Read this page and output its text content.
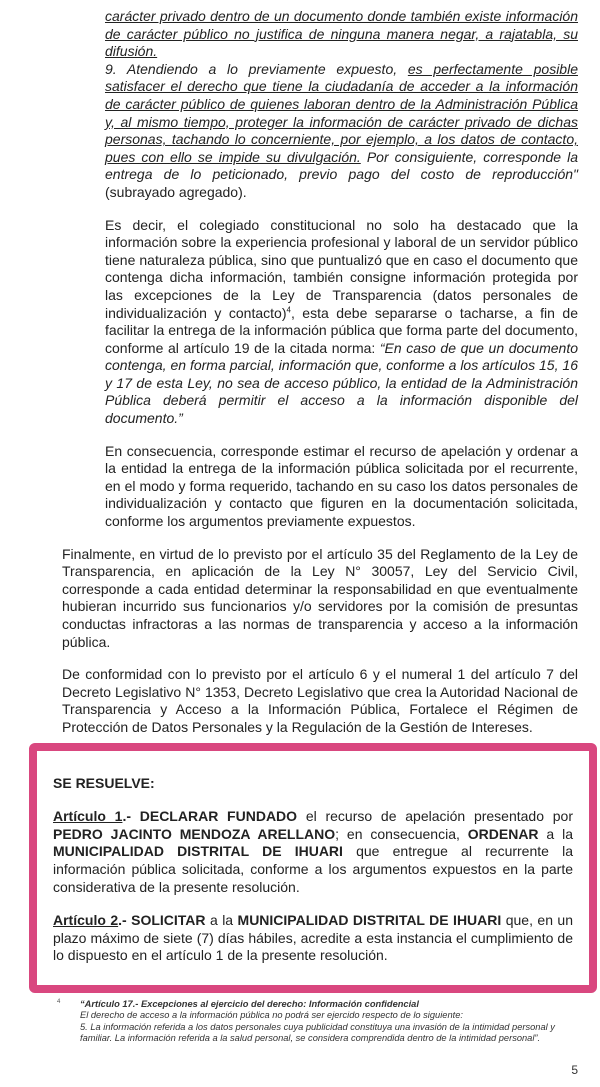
carácter privado dentro de un documento donde también existe información de carácter público no justifica de ninguna manera negar, a rajatabla, su difusión.
9. Atendiendo a lo previamente expuesto, es perfectamente posible satisfacer el derecho que tiene la ciudadanía de acceder a la información de carácter público de quienes laboran dentro de la Administración Pública y, al mismo tiempo, proteger la información de carácter privado de dichas personas, tachando lo concerniente, por ejemplo, a los datos de contacto, pues con ello se impide su divulgación. Por consiguiente, corresponde la entrega de lo peticionado, previo pago del costo de reproducción" (subrayado agregado).

Es decir, el colegiado constitucional no solo ha destacado que la información sobre la experiencia profesional y laboral de un servidor público tiene naturaleza pública, sino que puntualizó que en caso el documento que contenga dicha información, también consigne información protegida por las excepciones de la Ley de Transparencia (datos personales de individualización y contacto)$^4$, esta debe separarse o tacharse, a fin de facilitar la entrega de la información pública que forma parte del documento, conforme al artículo 19 de la citada norma: “En caso de que un documento contenga, en forma parcial, información que, conforme a los artículos 15, 16 y 17 de esta Ley, no sea de acceso público, la entidad de la Administración Pública deberá permitir el acceso a la información disponible del documento.”

En consecuencia, corresponde estimar el recurso de apelación y ordenar a la entidad la entrega de la información pública solicitada por el recurrente, en el modo y forma requerido, tachando en su caso los datos personales de individualización y contacto que figuren en la documentación solicitada, conforme los argumentos previamente expuestos.

Finalmente, en virtud de lo previsto por el artículo 35 del Reglamento de la Ley de Transparencia, en aplicación de la Ley N° 30057, Ley del Servicio Civil, corresponde a cada entidad determinar la responsabilidad en que eventualmente hubieran incurrido sus funcionarios y/o servidores por la comisión de presuntas conductas infractoras a las normas de transparencia y acceso a la información pública.

De conformidad con lo previsto por el artículo 6 y el numeral 1 del artículo 7 del Decreto Legislativo N° 1353, Decreto Legislativo que crea la Autoridad Nacional de Transparencia y Acceso a la Información Pública, Fortalece el Régimen de Protección de Datos Personales y la Regulación de la Gestión de Intereses.

SE RESUELVE:

Artículo 1.- DECLARAR FUNDADO el recurso de apelación presentado por PEDRO JACINTO MENDOZA ARELLANO; en consecuencia, ORDENAR a la MUNICIPALIDAD DISTRITAL DE IHUARI que entregue al recurrente la información pública solicitada, conforme a los argumentos expuestos en la parte considerativa de la presente resolución.

Artículo 2.- SOLICITAR a la MUNICIPALIDAD DISTRITAL DE IHUARI que, en un plazo máximo de siete (7) días hábiles, acredite a esta instancia el cumplimiento de lo dispuesto en el artículo 1 de la presente resolución.

4 “Artículo 17.- Excepciones al ejercicio del derecho: Información confidencial
El derecho de acceso a la información pública no podrá ser ejercido respecto de lo siguiente:
5. La información referida a los datos personales cuya publicidad constituya una invasión de la intimidad personal y familiar. La información referida a la salud personal, se considera comprendida dentro de la intimidad personal”.
5
